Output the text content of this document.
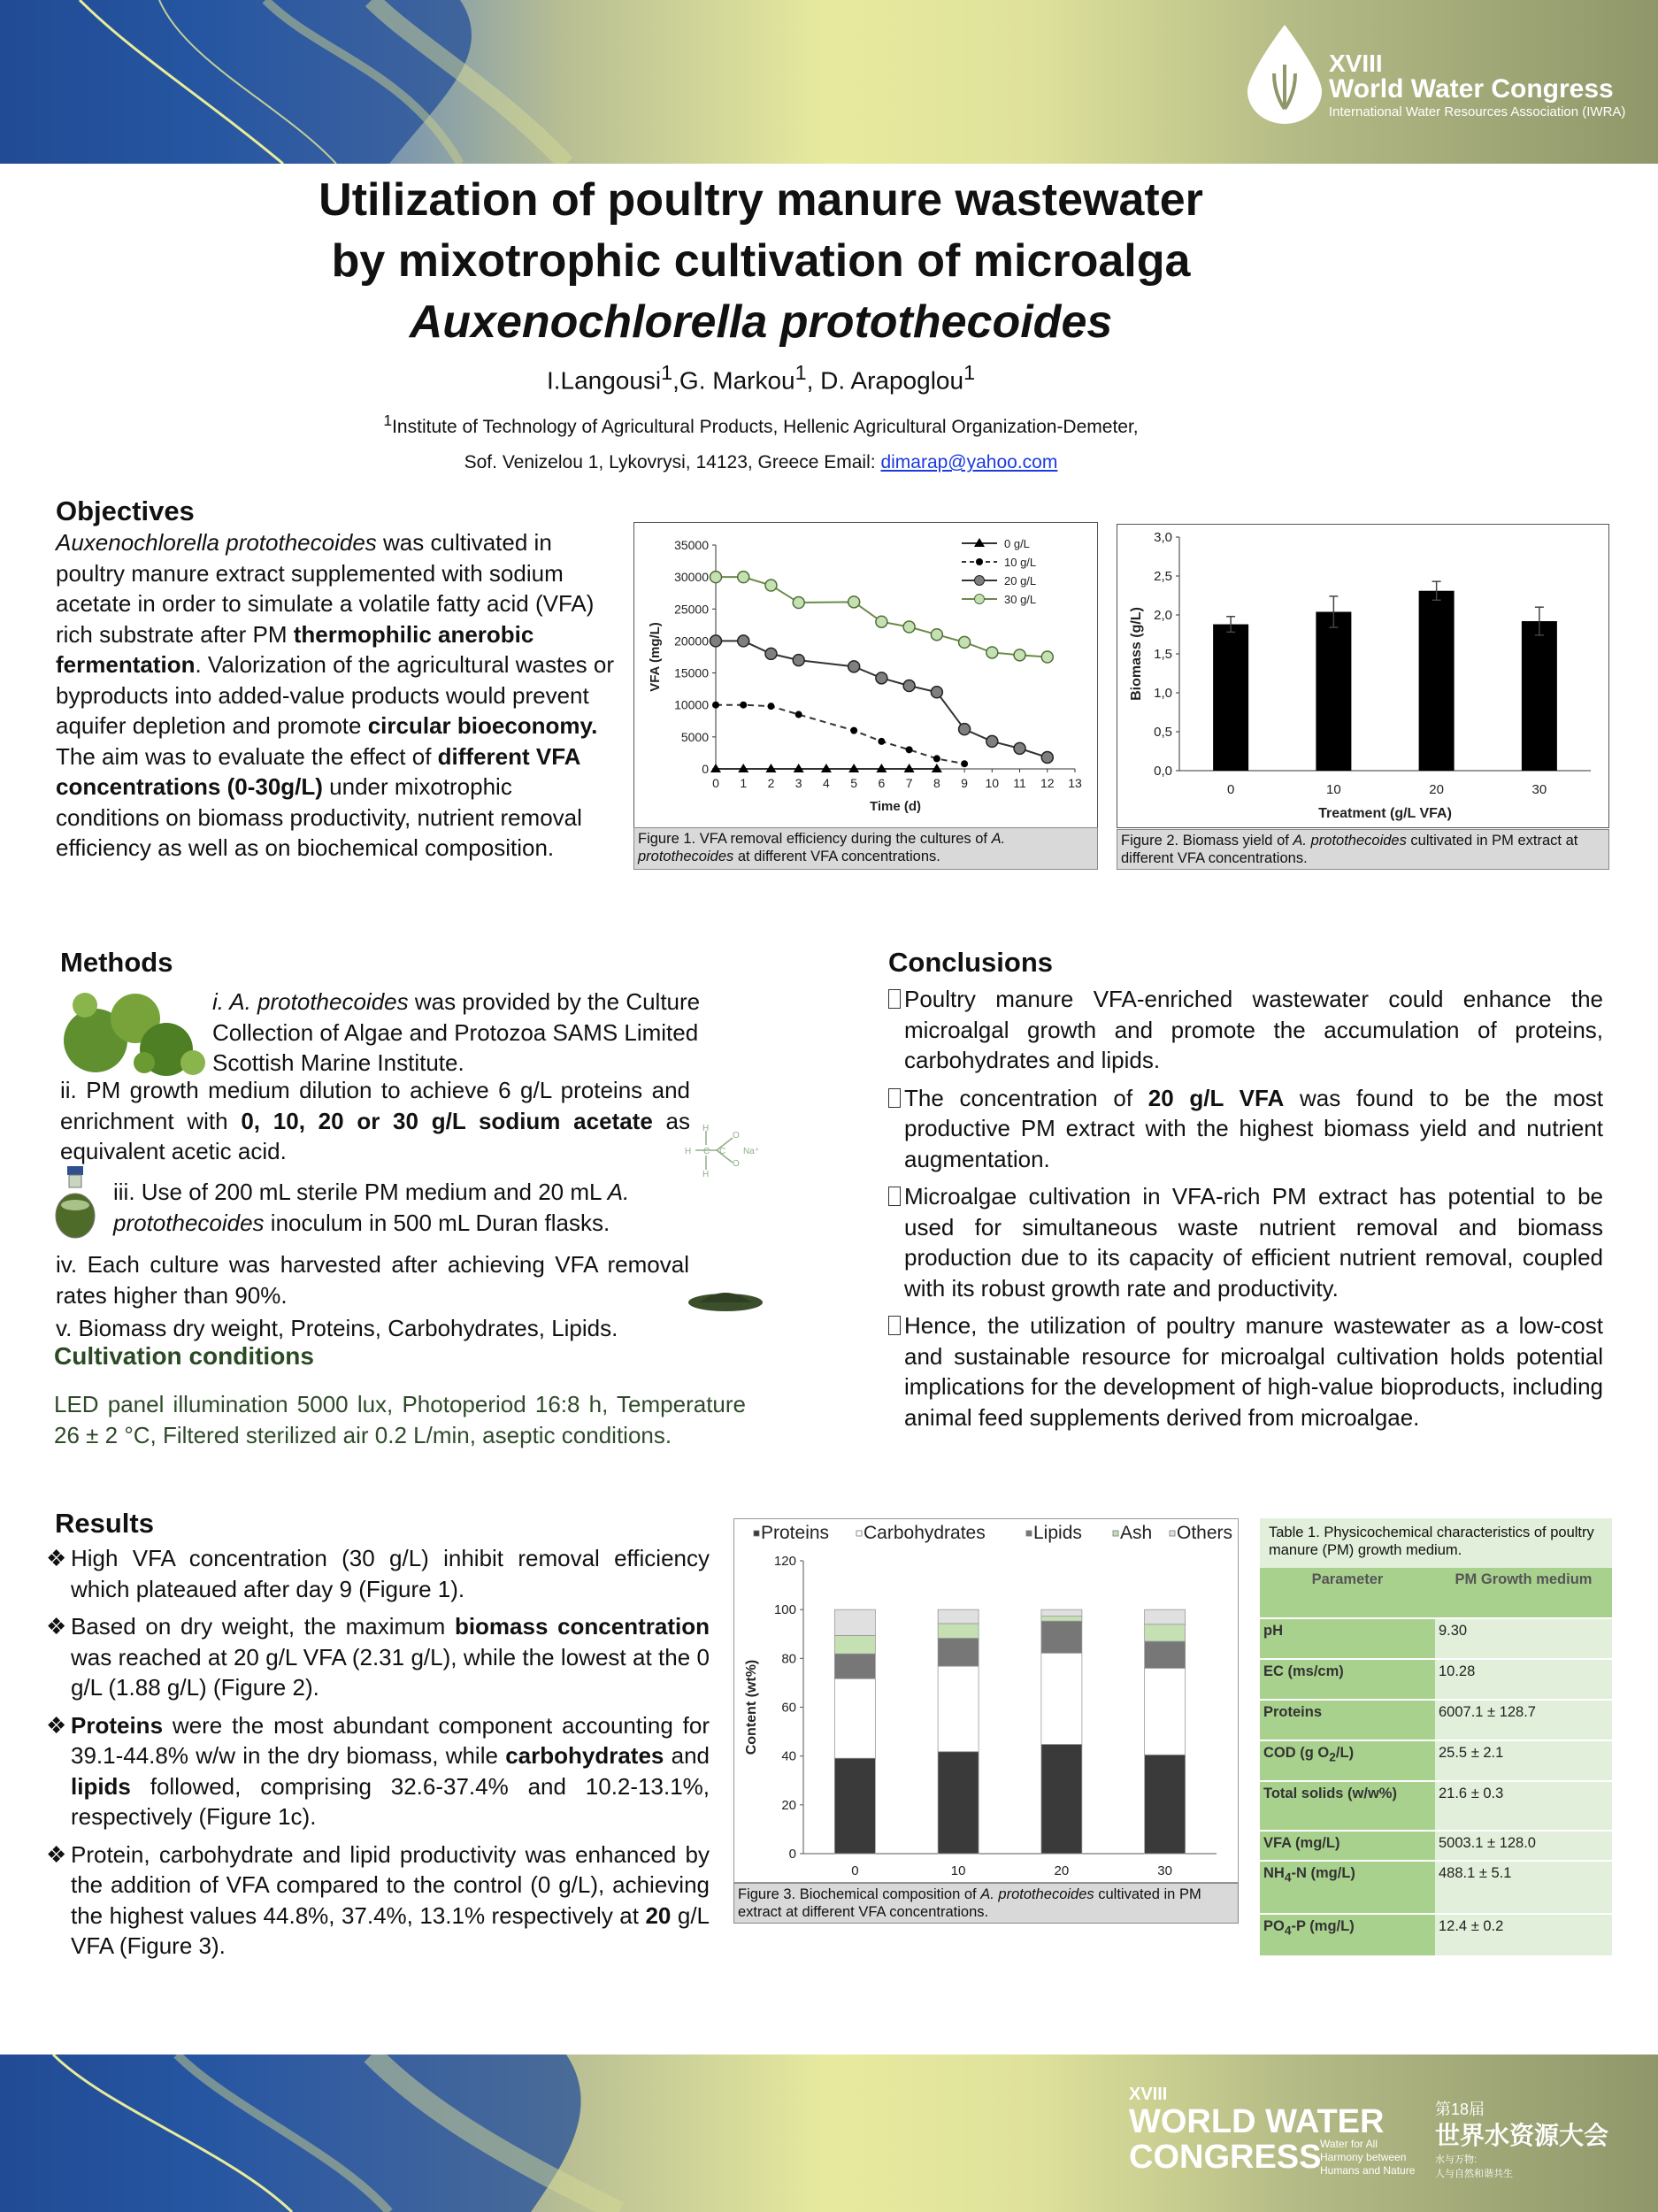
XVIII
World Water Congress
International Water Resources Association (IWRA)
Utilization of poultry manure wastewater
by mixotrophic cultivation of microalga
Auxenochlorella protothecoides
I.Langousi$^1$,G. Markou$^1$, D. Arapoglou$^1$
$^1$Institute of Technology of Agricultural Products, Hellenic Agricultural Organization-Demeter,
Sof. Venizelou 1, Lykovrysi, 14123, Greece Email: dimarap@yahoo.com
Objectives
Auxenochlorella protothecoides was cultivated in poultry manure extract supplemented with sodium acetate in order to simulate a volatile fatty acid (VFA) rich substrate after PM thermophilic anerobic fermentation. Valorization of the agricultural wastes or byproducts into added-value products would prevent aquifer depletion and promote circular bioeconomy. The aim was to evaluate the effect of different VFA concentrations (0-30g/L) under mixotrophic conditions on biomass productivity, nutrient removal efficiency as well as on biochemical composition.
0
5000
10000
15000
20000
25000
30000
35000
0 1 2 3 4 5 6 7 8 9 10 11 12 13
Time (d)
VFA (mg/L)
0 g/L
10 g/L
20 g/L
30 g/L
Figure 1. VFA removal efficiency during the cultures of A. protothecoides at different VFA concentrations.
0,0
0,5
1,0
1,5
2,0
2,5
3,0
0	10	20	30
Treatment (g/L VFA)
Biomass (g/L)
Figure 2. Biomass yield of A. protothecoides cultivated in PM extract at different VFA concentrations.
Methods
i. A. protothecoides was provided by the Culture Collection of Algae and Protozoa SAMS Limited Scottish Marine Institute.
ii. PM growth medium dilution to achieve 6 g/L proteins and enrichment with 0, 10, 20 or 30 g/L sodium acetate as equivalent acetic acid.	H
H
H
C C
O
O
Na⁺
iii. Use of 200 mL sterile PM medium and 20 mL A. protothecoides inoculum in 500 mL Duran flasks.
iv. Each culture was harvested after achieving VFA removal rates higher than 90%.
v. Biomass dry weight, Proteins, Carbohydrates, Lipids.
Cultivation conditions
LED panel illumination 5000 lux, Photoperiod 16:8 h, Temperature 26 ± 2 °C, Filtered sterilized air 0.2 L/min, aseptic conditions.
Conclusions
Poultry manure VFA-enriched wastewater could enhance the microalgal growth and promote the accumulation of proteins, carbohydrates and lipids.
The concentration of 20 g/L VFA was found to be the most productive PM extract with the highest biomass yield and nutrient augmentation.
Microalgae cultivation in VFA-rich PM extract has potential to be used for simultaneous waste nutrient removal and biomass production due to its capacity of efficient nutrient removal, coupled with its robust growth rate and productivity.
Hence, the utilization of poultry manure wastewater as a low-cost and sustainable resource for microalgal cultivation holds potential implications for the development of high-value bioproducts, including animal feed supplements derived from microalgae.
Results
❖ High VFA concentration (30 g/L) inhibit removal efficiency which plateaued after day 9 (Figure 1).
❖ Based on dry weight, the maximum biomass concentration was reached at 20 g/L VFA (2.31 g/L), while the lowest at the 0 g/L (1.88 g/L) (Figure 2).
❖ Proteins were the most abundant component accounting for 39.1-44.8% w/w in the dry biomass, while carbohydrates and lipids followed, comprising 32.6-37.4% and 10.2-13.1%, respectively (Figure 1c).
❖ Protein, carbohydrate and lipid productivity was enhanced by the addition of VFA compared to the control (0 g/L), achieving the highest values 44.8%, 37.4%, 13.1% respectively at 20 g/L VFA (Figure 3).
0
20
40
60
80
100
120
0	10	20	30
Content (wt%)
Proteins Carbohydrates	Lipids Ash Others
Figure 3. Biochemical composition of A. protothecoides cultivated in PM extract at different VFA concentrations.
Table 1. Physicochemical characteristics of poultry manure (PM) growth medium.
Parameter	PM Growth medium
pH	9.30
EC (ms/cm)	10.28
Proteins	6007.1 ± 128.7
COD (g $O_2/L$)	25.5 ± 2.1
Total solids (w/w%)	21.6 ± 0.3
VFA (mg/L)	5003.1 ± 128.0
$NH_4-N$ (mg/L)	488.1 ± 5.1
$PO_4-P$ (mg/L)	12.4 ± 0.2
XVIII
WORLD WATER
CONGRESS
Water for All
Harmony between
Humans and Nature
第18届
世界水资源大会
水与万物:
人与自然和谐共生
